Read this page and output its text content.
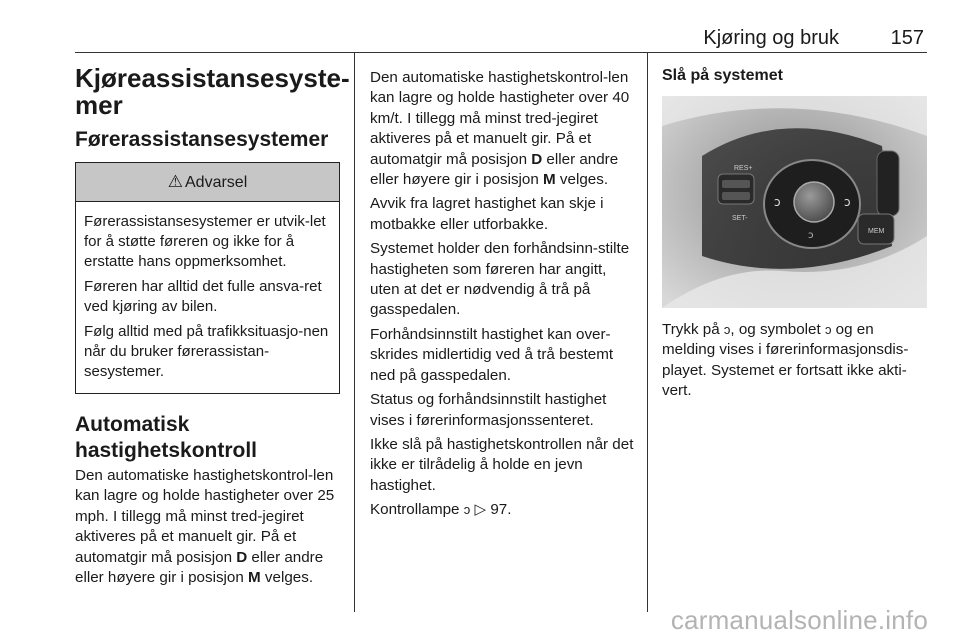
Kjøring og bruk	157
Kjøreassistansesyste-
mer
Førerassistansesystemer
⚠ Advarsel

Førerassistansesystemer er utvik-let for å støtte føreren og ikke for å erstatte hans oppmerksomhet.

Føreren har alltid det fulle ansva-ret ved kjøring av bilen.

Følg alltid med på trafikksituasjo-nen når du bruker førerassistan-sesystemer.

Automatisk
hastighetskontroll

Den automatiske hastighetskontrol-len kan lagre og holde hastigheter over 25 mph. I tillegg må minst tred-jegiret aktiveres på et manuelt gir. På et automatgir må posisjon D eller andre eller høyere gir i posisjon M velges.

Den automatiske hastighetskontrol-len kan lagre og holde hastigheter over 40 km/t. I tillegg må minst tred-jegiret aktiveres på et manuelt gir. På et automatgir må posisjon D eller andre eller høyere gir i posisjon M velges.

Avvik fra lagret hastighet kan skje i motbakke eller utforbakke.

Systemet holder den forhåndsinn-stilte hastigheten som føreren har angitt, uten at det er nødvendig å trå på gasspedalen.

Forhåndsinnstilt hastighet kan over-skrides midlertidig ved å trå bestemt ned på gasspedalen.

Status og forhåndsinnstilt hastighet vises i førerinformasjonssenteret.

Ikke slå på hastighetskontrollen når det ikke er tilrådelig å holde en jevn hastighet.

Kontrollampe ↄ ▷ 97.

Slå på systemet
RES+
SET-
ↄ	ↄ
ↄ	MEM

Trykk på ↄ, og symbolet ↄ og en melding vises i førerinformasjonsdis-playet. Systemet er fortsatt ikke akti-vert.

carmanualsonline.info
